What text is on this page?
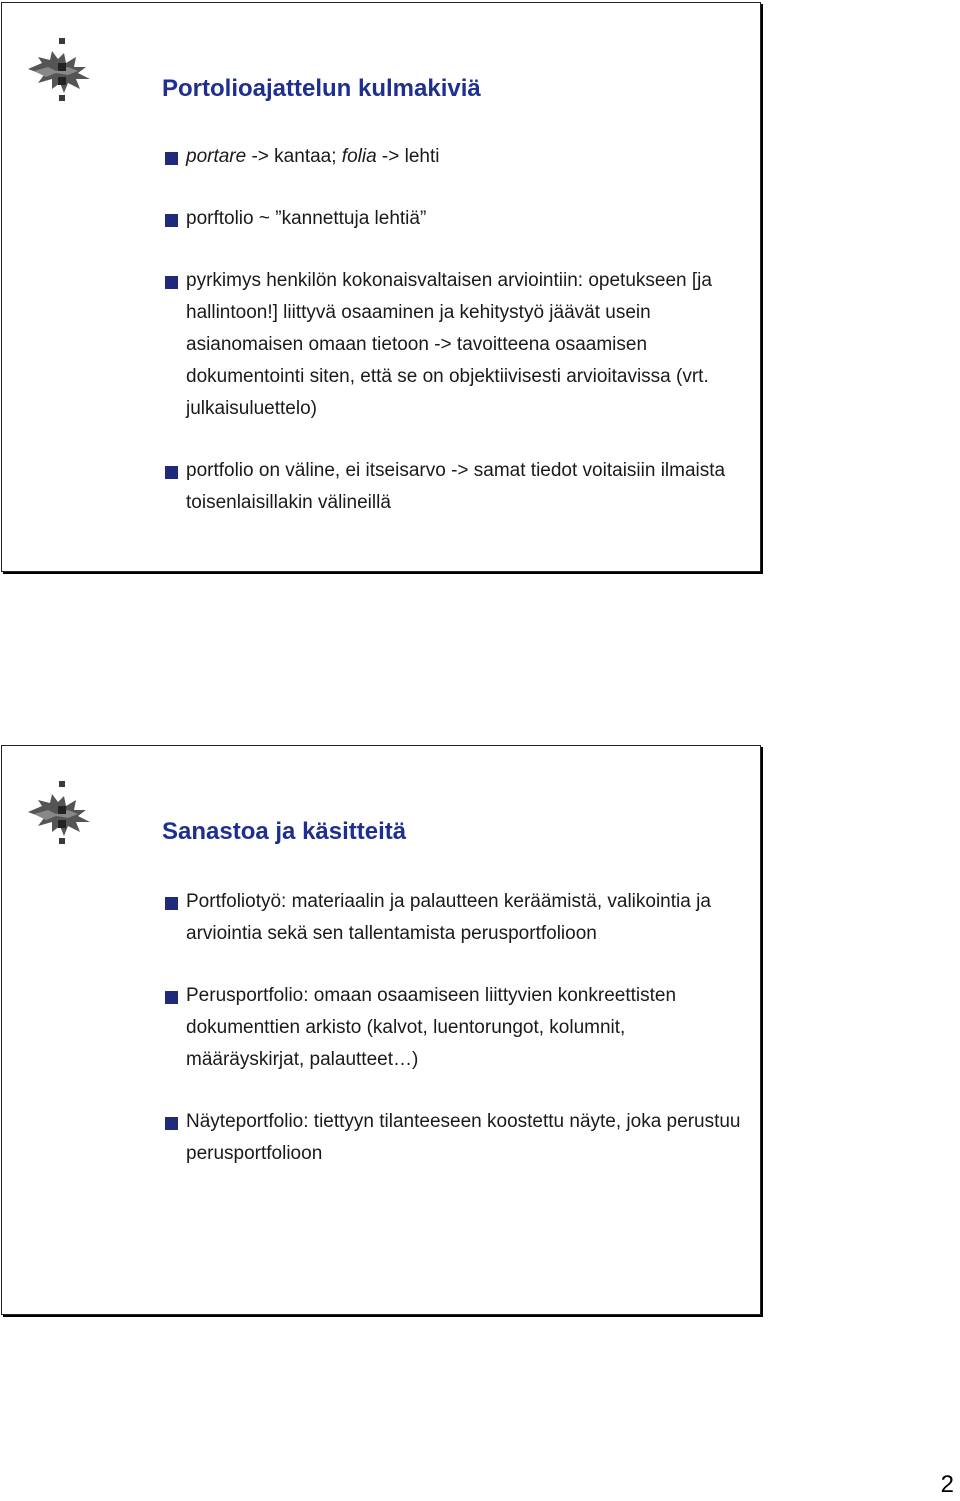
Portolioajattelun kulmakiviä
portare -> kantaa; folia -> lehti
porftolio ~ ”kannettuja lehtiä”
pyrkimys henkilön kokonaisvaltaisen arviointiin: opetukseen [ja hallintoon!] liittyvä osaaminen ja kehitystyö jäävät usein asianomaisen omaan tietoon -> tavoitteena osaamisen dokumentointi siten, että se on objektiivisesti arvioitavissa (vrt. julkaisuluettelo)
portfolio on väline, ei itseisarvo -> samat tiedot voitaisiin ilmaista toisenlaisillakin välineillä
Sanastoa ja käsitteitä
Portfoliotyö: materiaalin ja palautteen keräämistä, valikointia ja arviointia sekä sen tallentamista perusportfolioon
Perusportfolio: omaan osaamiseen liittyvien konkreettisten dokumenttien arkisto (kalvot, luentorungot, kolumnit, määräyskirjat, palautteet…)
Näyteportfolio: tiettyyn tilanteeseen koostettu näyte, joka perustuu perusportfolioon
2
